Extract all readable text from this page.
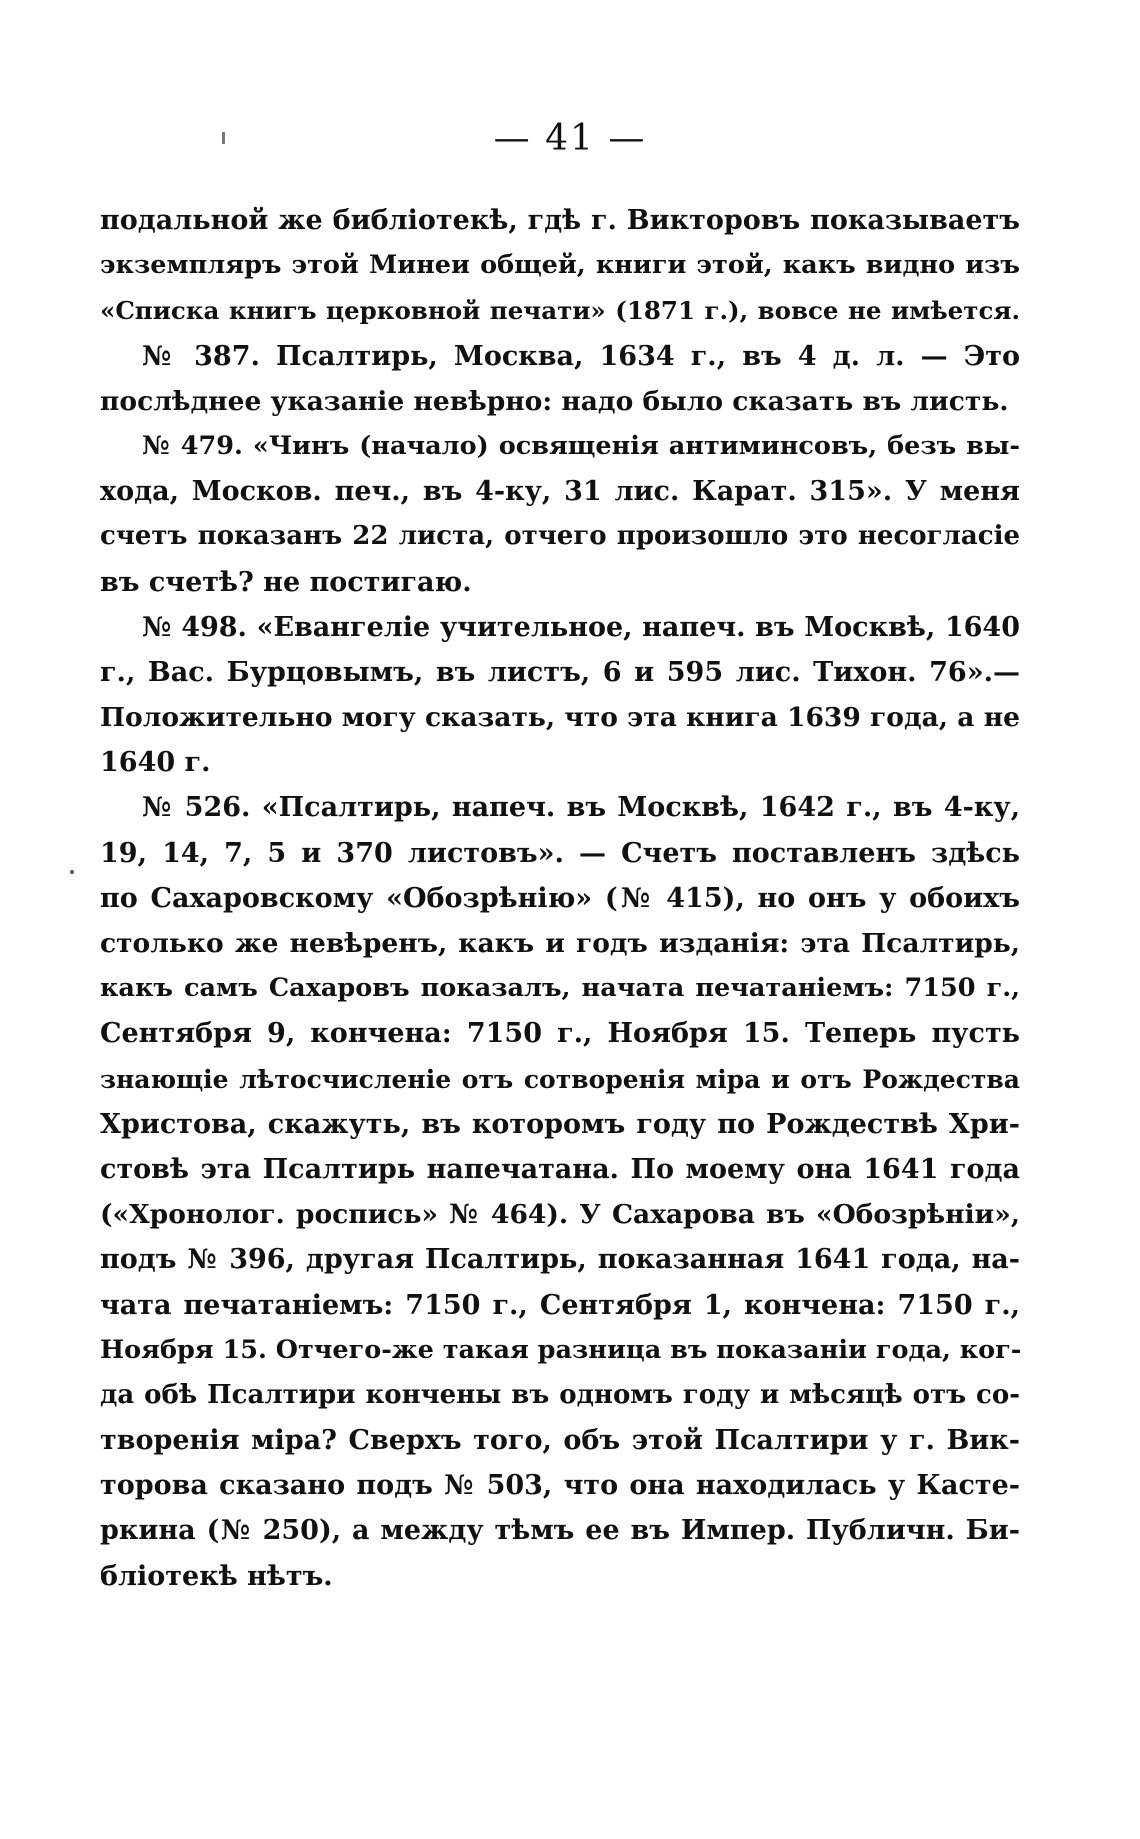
— 41 —
подальной же библіотекѣ, гдѣ г. Викторовъ показываетъ
экземпляръ этой Минеи общей, книги этой, какъ видно изъ
«Списка книгъ церковной печати» (1871 г.), вовсе не имѣется.
№ 387. Псалтирь, Москва, 1634 г., въ 4 д. л. — Это
послѣднее указаніе невѣрно: надо было сказать въ листь.
№ 479. «Чинъ (начало) освященія антиминсовъ, безъ вы-
хода, Москов. печ., въ 4-ку, 31 лис. Карат. 315». У меня
счетъ показанъ 22 листа, отчего произошло это несогласіе
въ счетѣ? не постигаю.
№ 498. «Евангеліе учительное, напеч. въ Москвѣ, 1640
г., Вас. Бурцовымъ, въ листъ, 6 и 595 лис. Тихон. 76».—
Положительно могу сказать, что эта книга 1639 года, а не
1640 г.
№ 526. «Псалтирь, напеч. въ Москвѣ, 1642 г., въ 4-ку,
19, 14, 7, 5 и 370 листовъ». — Счетъ поставленъ здѣсь
по Сахаровскому «Обозрѣнію» (№ 415), но онъ у обоихъ
столько же невѣренъ, какъ и годъ изданія: эта Псалтирь,
какъ самъ Сахаровъ показалъ, начата печатаніемъ: 7150 г.,
Сентября 9, кончена: 7150 г., Ноября 15. Теперь пусть
знающіе лѣтосчисленіе отъ сотворенія міра и отъ Рождества
Христова, скажуть, въ которомъ году по Рождествѣ Хри-
стовѣ эта Псалтирь напечатана. По моему она 1641 года
(«Хронолог. роспись» № 464). У Сахарова въ «Обозрѣніи»,
подъ № 396, другая Псалтирь, показанная 1641 года, на-
чата печатаніемъ: 7150 г., Сентября 1, кончена: 7150 г.,
Ноября 15. Отчего-же такая разница въ показаніи года, ког-
да обѣ Псалтири кончены въ одномъ году и мѣсяцѣ отъ со-
творенія міра? Сверхъ того, объ этой Псалтири у г. Вик-
торова сказано подъ № 503, что она находилась у Кастe-
ркина (№ 250), а между тѣмъ ее въ Импер. Публичн. Би-
бліотекѣ нѣтъ.
